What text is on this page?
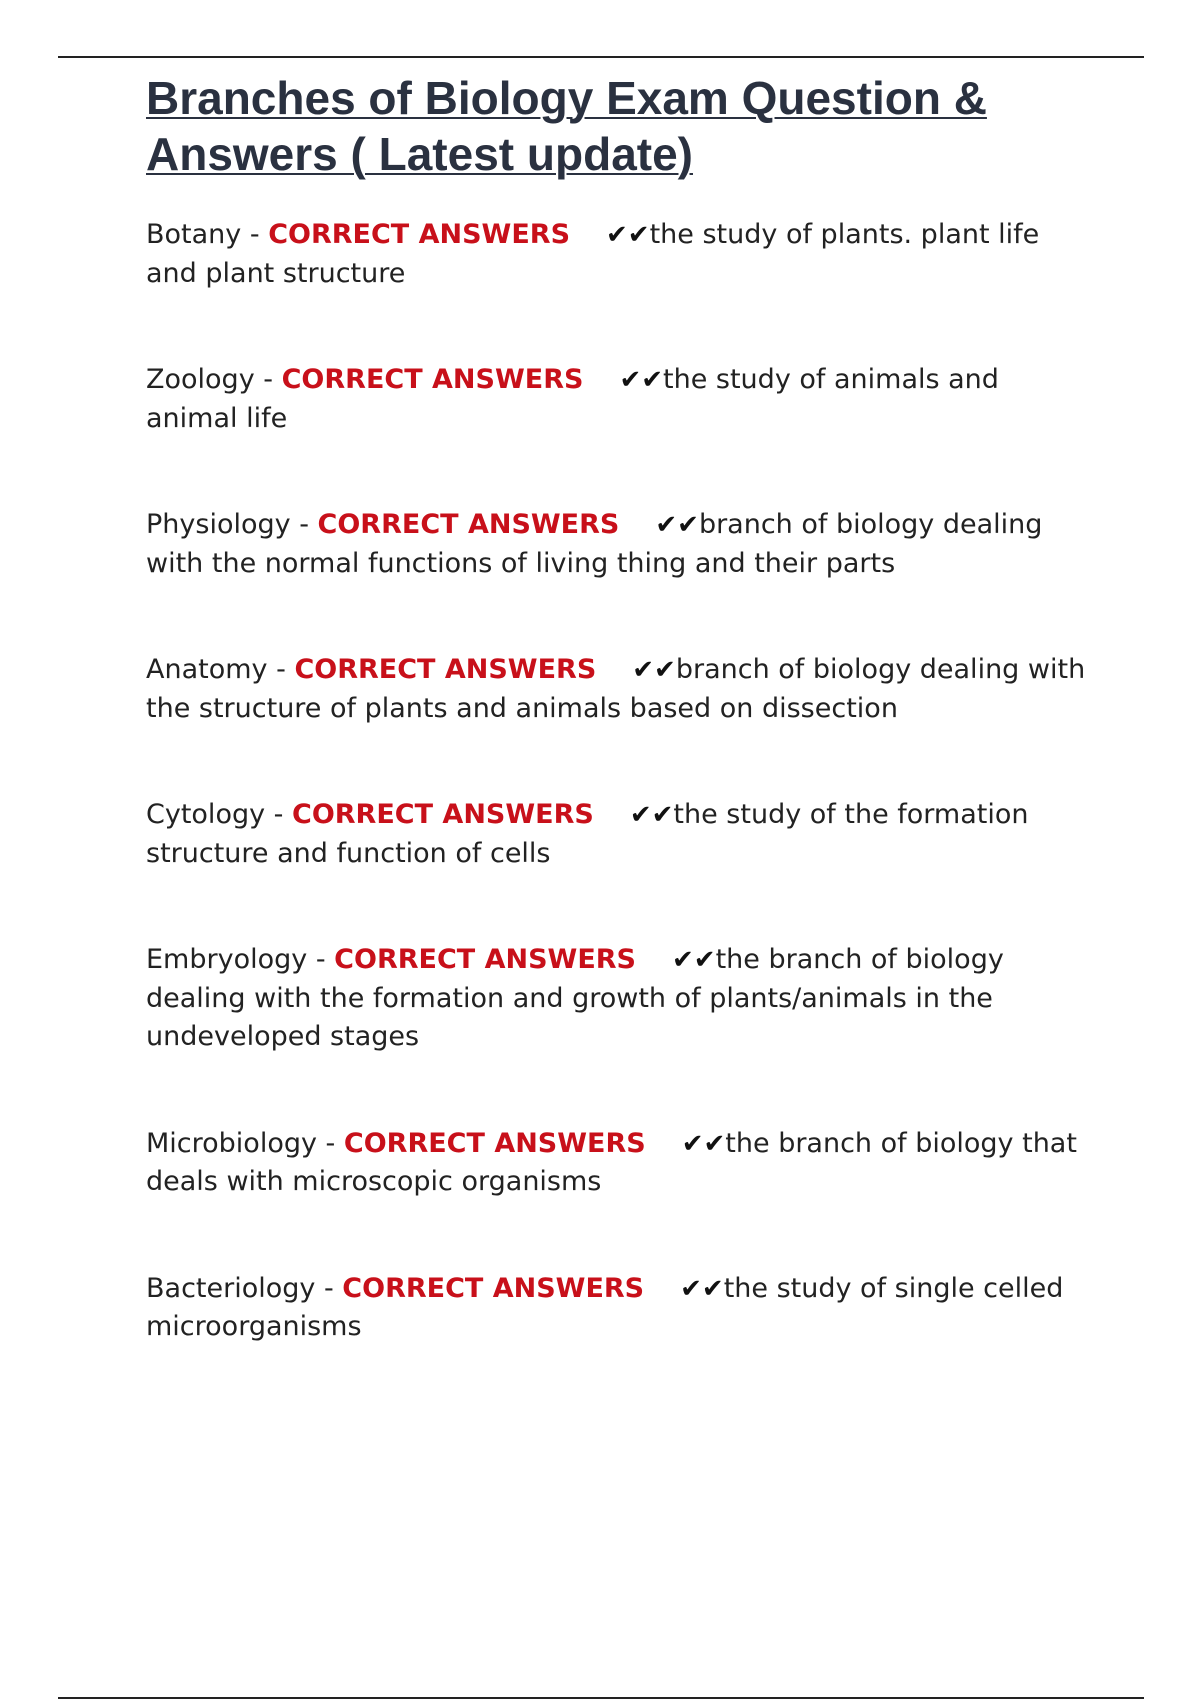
Branches of Biology Exam Question & Answers ( Latest update)
Botany - CORRECT ANSWERS ✔✔the study of plants. plant life and plant structure
Zoology - CORRECT ANSWERS ✔✔the study of animals and animal life
Physiology - CORRECT ANSWERS ✔✔branch of biology dealing with the normal functions of living thing and their parts
Anatomy - CORRECT ANSWERS ✔✔branch of biology dealing with the structure of plants and animals based on dissection
Cytology - CORRECT ANSWERS ✔✔the study of the formation structure and function of cells
Embryology - CORRECT ANSWERS ✔✔the branch of biology dealing with the formation and growth of plants/animals in the undeveloped stages
Microbiology - CORRECT ANSWERS ✔✔the branch of biology that deals with microscopic organisms
Bacteriology - CORRECT ANSWERS ✔✔the study of single celled microorganisms
